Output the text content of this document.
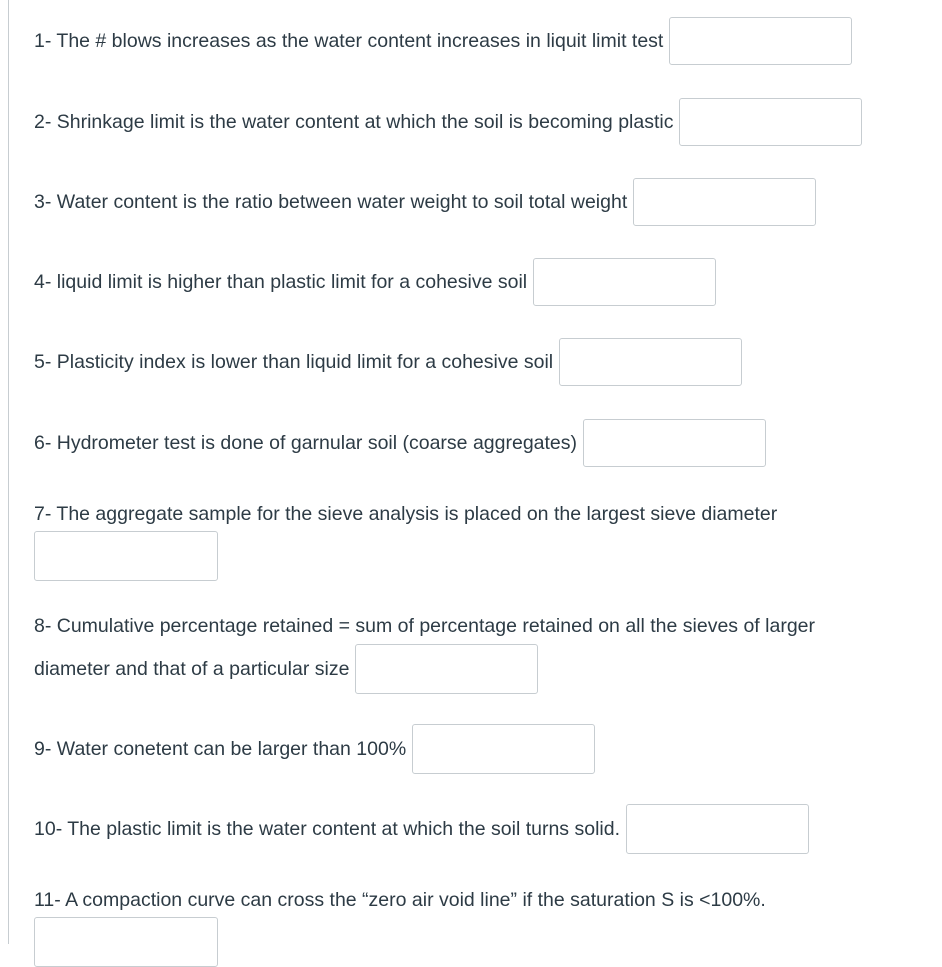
1- The # blows increases as the water content increases in liquit limit test
2- Shrinkage limit is the water content at which the soil is becoming plastic
3- Water content is the ratio between water weight to soil total weight
4- liquid limit is higher than plastic limit for a cohesive soil
5- Plasticity index is lower than liquid limit for a cohesive soil
6- Hydrometer test is done of garnular soil (coarse aggregates)
7- The aggregate sample for the sieve analysis is placed on the largest sieve diameter
8- Cumulative percentage retained = sum of percentage retained on all the sieves of larger
diameter and that of a particular size
9- Water conetent can be larger than 100%
10- The plastic limit is the water content at which the soil turns solid.
11- A compaction curve can cross the “zero air void line” if the saturation S is <100%.
